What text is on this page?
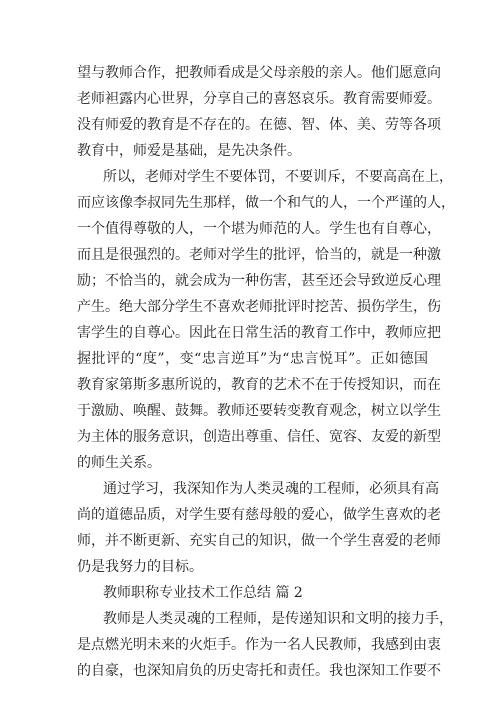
望与教师合作，把教师看成是父母亲般的亲人。他们愿意向
老师袒露内心世界，分享自己的喜怒哀乐。教育需要师爱。
没有师爱的教育是不存在的。在德、智、体、美、劳等各项
教育中，师爱是基础，是先决条件。
所以，老师对学生不要体罚，不要训斥，不要高高在上，
而应该像李叔同先生那样，做一个和气的人，一个严谨的人，
一个值得尊敬的人，一个堪为师范的人。学生也有自尊心，
而且是很强烈的。老师对学生的批评，恰当的，就是一种激
励；不恰当的，就会成为一种伤害，甚至还会导致逆反心理
产生。绝大部分学生不喜欢老师批评时挖苦、损伤学生，伤
害学生的自尊心。因此在日常生活的教育工作中，教师应把
握批评的“度”，变“忠言逆耳”为“忠言悦耳”。正如德国
教育家第斯多惠所说的，教育的艺术不在于传授知识，而在
于激励、唤醒、鼓舞。教师还要转变教育观念，树立以学生
为主体的服务意识，创造出尊重、信任、宽容、友爱的新型
的师生关系。
通过学习，我深知作为人类灵魂的工程师，必须具有高
尚的道德品质，对学生要有慈母般的爱心，做学生喜欢的老
师，并不断更新、充实自己的知识，做一个学生喜爱的老师
仍是我努力的目标。
教师职称专业技术工作总结 篇 2
教师是人类灵魂的工程师，是传递知识和文明的接力手，
是点燃光明未来的火炬手。作为一名人民教师，我感到由衷
的自豪，也深知肩负的历史寄托和责任。我也深知工作要不
